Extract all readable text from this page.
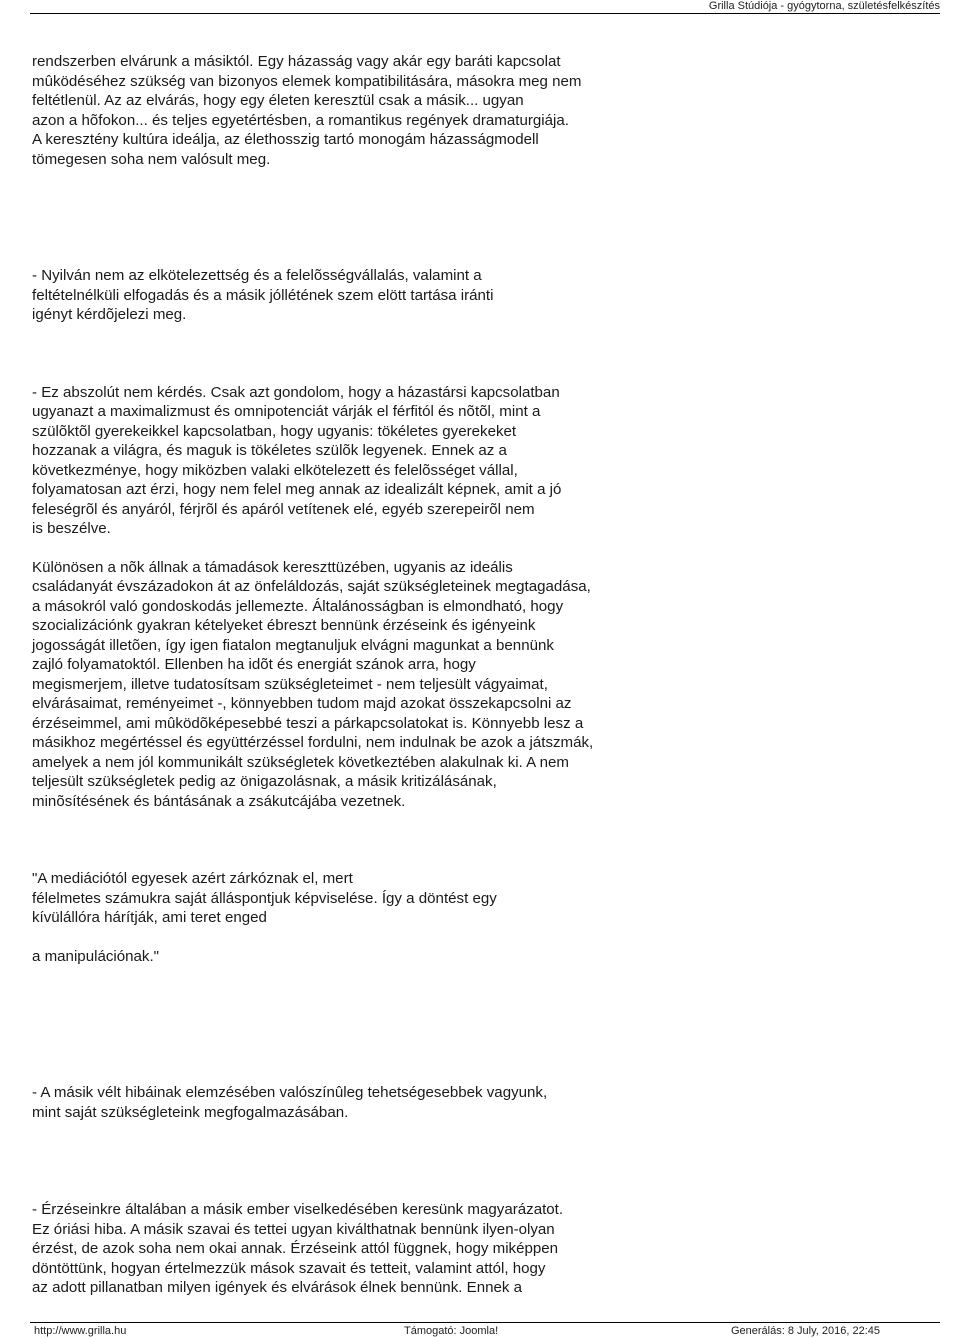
Grilla Stúdiója - gyógytorna, születésfelkészítés

rendszerben elvárunk a másiktól. Egy házasság vagy akár egy baráti kapcsolat
mûködéséhez szükség van bizonyos elemek kompatibilitására, másokra meg nem
feltétlenül. Az az elvárás, hogy egy életen keresztül csak a másik... ugyan
azon a hõfokon... és teljes egyetértésben, a romantikus regények dramaturgiája.
A keresztény kultúra ideálja, az élethosszig tartó monogám házasságmodell
tömegesen soha nem valósult meg.

- Nyilván nem az elkötelezettség és a felelõsségvállalás, valamint a
feltételnélküli elfogadás és a másik jóllétének szem elött tartása iránti
igényt kérdõjelezi meg.

- Ez abszolút nem kérdés. Csak azt gondolom, hogy a házastársi kapcsolatban
ugyanazt a maximalizmust és omnipotenciát várják el férfitól és nõtõl, mint a
szülõktõl gyerekeikkel kapcsolatban, hogy ugyanis: tökéletes gyerekeket
hozzanak a világra, és maguk is tökéletes szülõk legyenek. Ennek az a
következménye, hogy miközben valaki elkötelezett és felelõsséget vállal,
folyamatosan azt érzi, hogy nem felel meg annak az idealizált képnek, amit a jó
feleségrõl és anyáról, férjrõl és apáról vetítenek elé, egyéb szerepeirõl nem
is beszélve.

Különösen a nõk állnak a támadások kereszttüzében, ugyanis az ideális
családanyát évszázadokon át az önfeláldozás, saját szükségleteinek megtagadása,
a másokról való gondoskodás jellemezte. Általánosságban is elmondható, hogy
szocializációnk gyakran kételyeket ébreszt bennünk érzéseink és igényeink
jogosságát illetõen, így igen fiatalon megtanuljuk elvágni magunkat a bennünk
zajló folyamatoktól. Ellenben ha idõt és energiát szánok arra, hogy
megismerjem, illetve tudatosítsam szükségleteimet - nem teljesült vágyaimat,
elvárásaimat, reményeimet -, könnyebben tudom majd azokat összekapcsolni az
érzéseimmel, ami mûködõképesebbé teszi a párkapcsolatokat is. Könnyebb lesz a
másikhoz megértéssel és együttérzéssel fordulni, nem indulnak be azok a játszmák,
amelyek a nem jól kommunikált szükségletek következtében alakulnak ki. A nem
teljesült szükségletek pedig az önigazolásnak, a másik kritizálásának,
minõsítésének és bántásának a zsákutcájába vezetnek.

"A mediációtól egyesek azért zárkóznak el, mert
félelmetes számukra saját álláspontjuk képviselése. Így a döntést egy
kívülállóra hárítják, ami teret enged

a manipulációnak."

- A másik vélt hibáinak elemzésében valószínûleg tehetségesebbek vagyunk,
mint saját szükségleteink megfogalmazásában.

- Érzéseinkre általában a másik ember viselkedésében keresünk magyarázatot.
Ez óriási hiba. A másik szavai és tettei ugyan kiválthatnak bennünk ilyen-olyan
érzést, de azok soha nem okai annak. Érzéseink attól függnek, hogy miképpen
döntöttünk, hogyan értelmezzük mások szavait és tetteit, valamint attól, hogy
az adott pillanatban milyen igények és elvárások élnek bennünk. Ennek a

http://www.grilla.hu	Támogató: Joomla!	Generálás: 8 July, 2016, 22:45
